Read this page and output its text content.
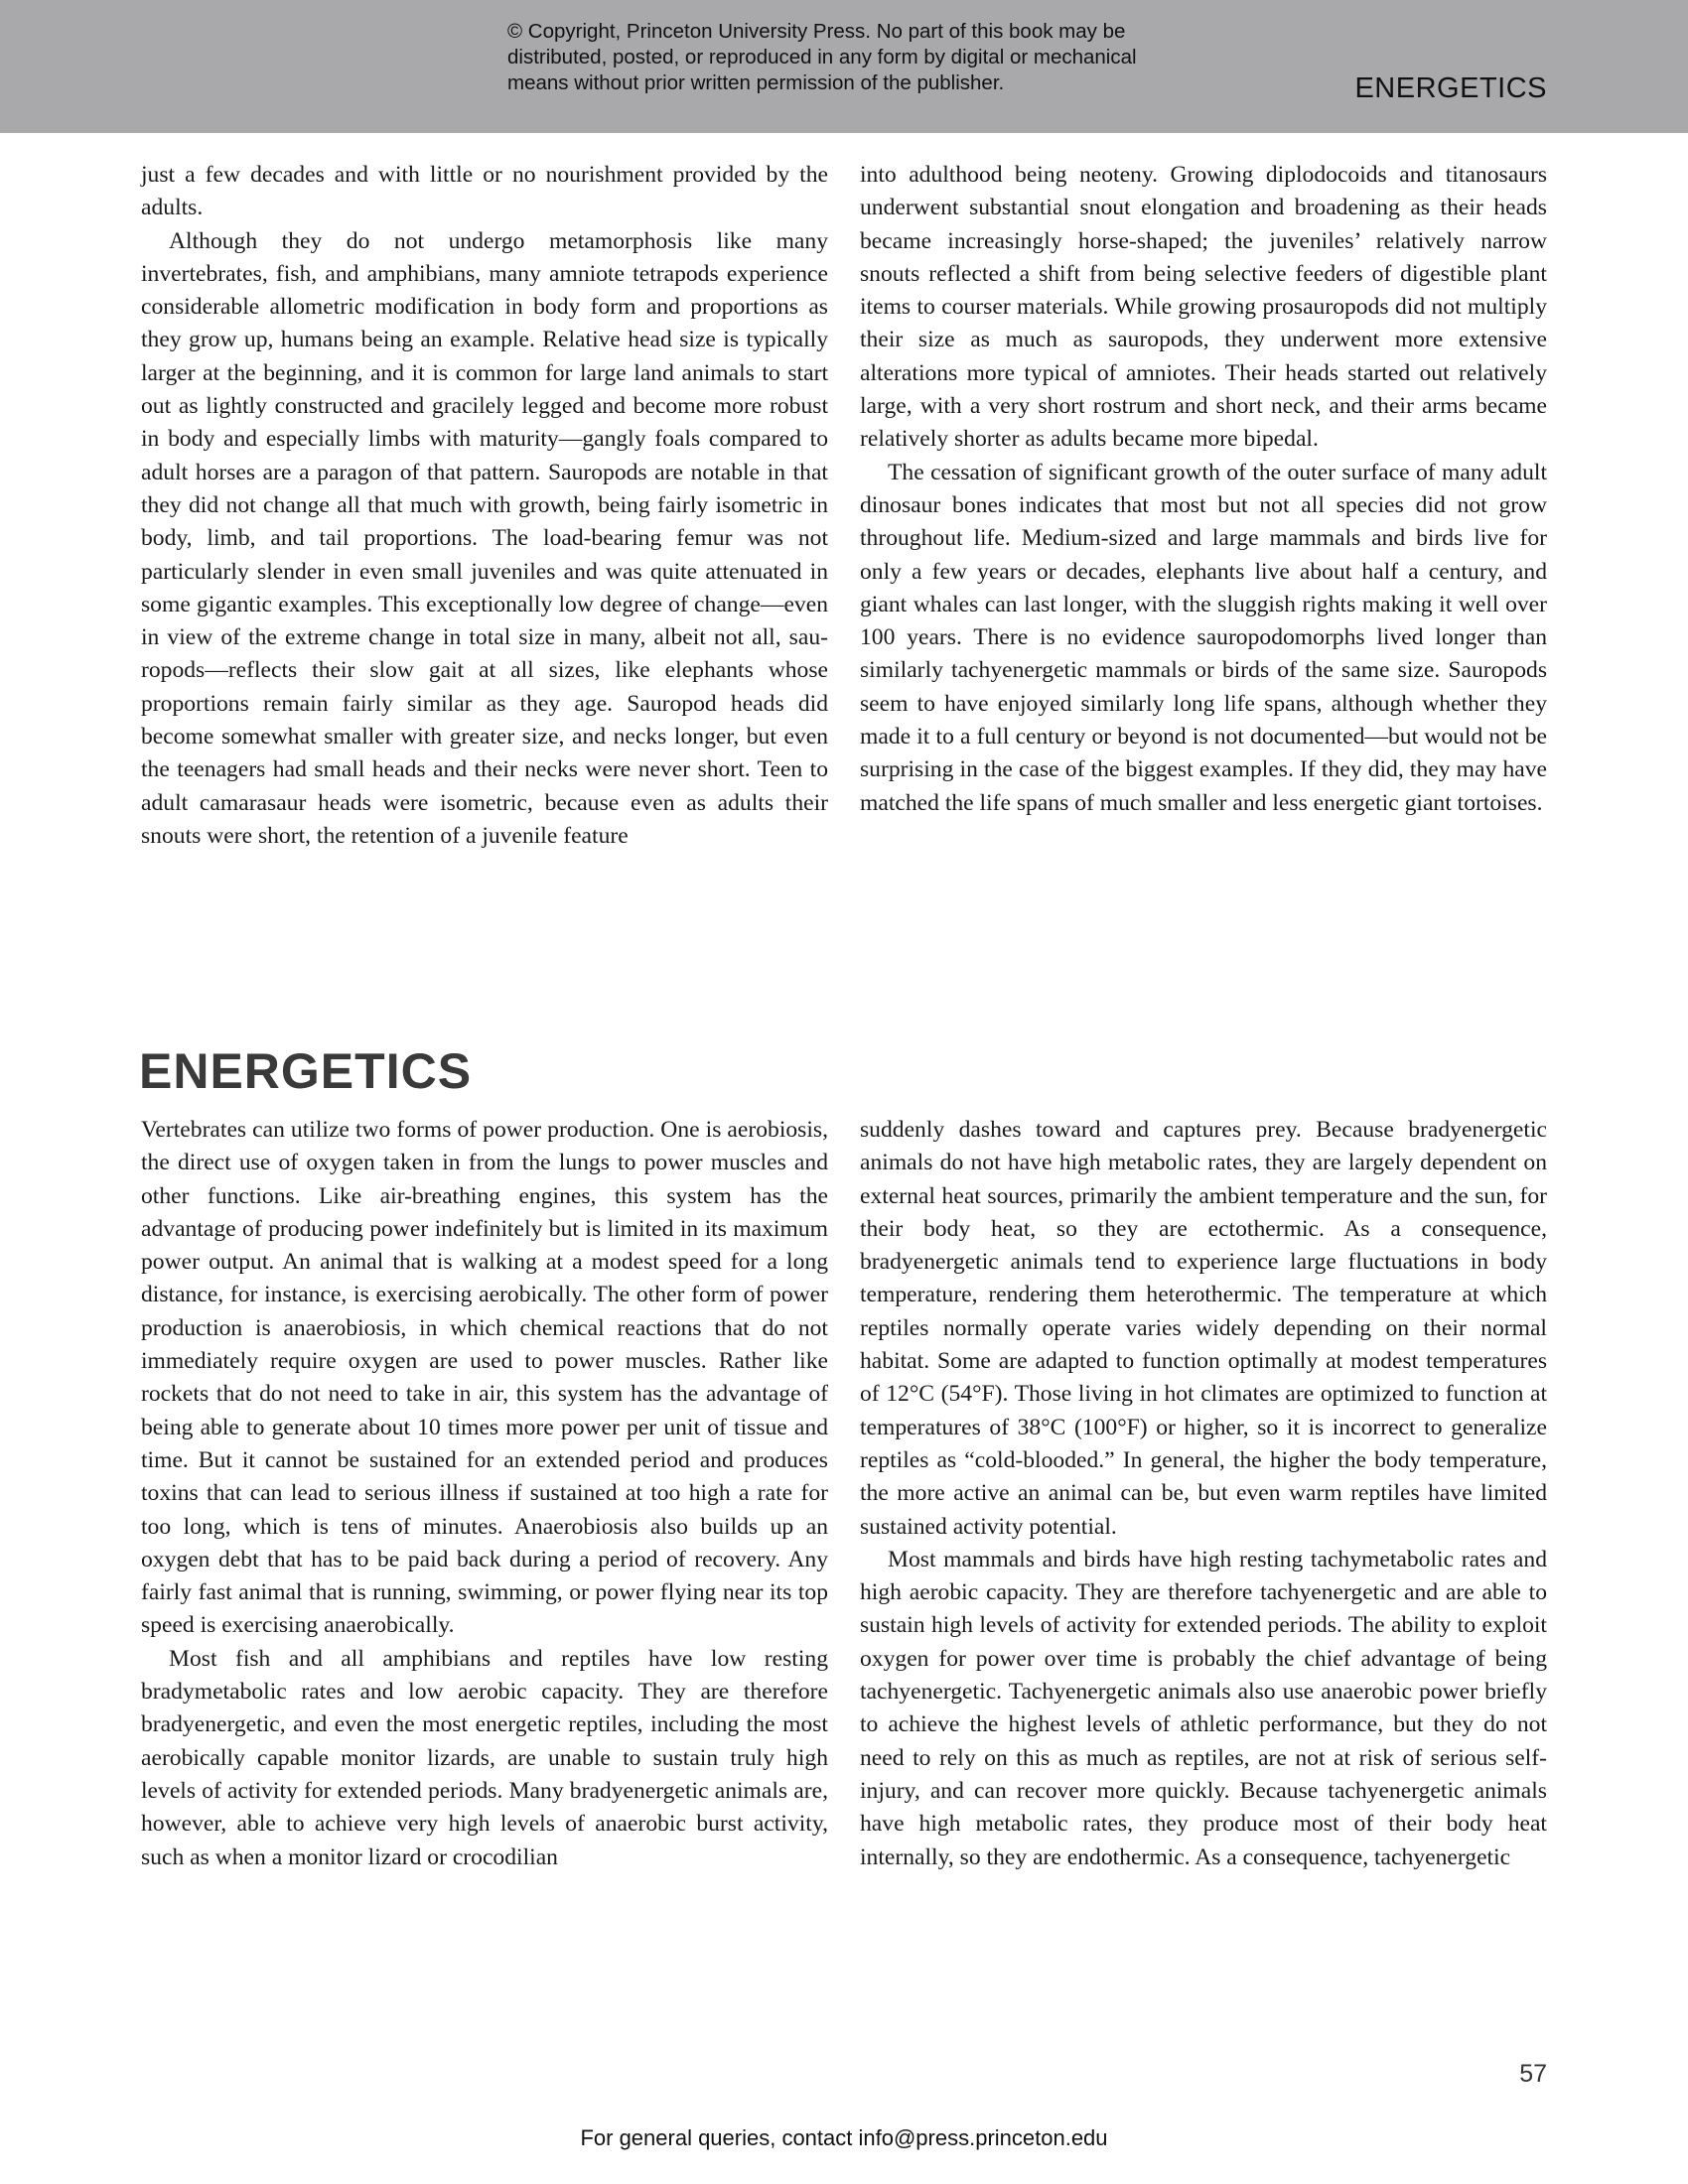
© Copyright, Princeton University Press. No part of this book may be
distributed, posted, or reproduced in any form by digital or mechanical
means without prior written permission of the publisher.	ENERGETICS

just a few decades and with little or no nourishment provided by the adults.

Although they do not undergo metamorphosis like many invertebrates, fish, and amphibians, many amniote tetrapods experience considerable allometric modification in body form and proportions as they grow up, humans being an example. Relative head size is typically larger at the beginning, and it is common for large land animals to start out as lightly constructed and gracilely legged and become more robust in body and especially limbs with maturity—gangly foals compared to adult horses are a paragon of that pattern. Sauropods are notable in that they did not change all that much with growth, being fairly isometric in body, limb, and tail proportions. The load-bearing femur was not particularly slender in even small juveniles and was quite attenuated in some gigantic examples. This exceptionally low degree of change—even in view of the extreme change in total size in many, albeit not all, sauropods—reflects their slow gait at all sizes, like elephants whose proportions remain fairly similar as they age. Sauropod heads did become somewhat smaller with greater size, and necks longer, but even the teenagers had small heads and their necks were never short. Teen to adult camarasaur heads were isometric, because even as adults their snouts were short, the retention of a juvenile feature

into adulthood being neoteny. Growing diplodocoids and titanosaurs underwent substantial snout elongation and broadening as their heads became increasingly horse-shaped; the juveniles’ relatively narrow snouts reflected a shift from being selective feeders of digestible plant items to courser materials. While growing prosauropods did not multiply their size as much as sauropods, they underwent more extensive alterations more typical of amniotes. Their heads started out relatively large, with a very short rostrum and short neck, and their arms became relatively shorter as adults became more bipedal.

The cessation of significant growth of the outer surface of many adult dinosaur bones indicates that most but not all species did not grow throughout life. Medium-sized and large mammals and birds live for only a few years or decades, elephants live about half a century, and giant whales can last longer, with the sluggish rights making it well over 100 years. There is no evidence sauropodomorphs lived longer than similarly tachyenergetic mammals or birds of the same size. Sauropods seem to have enjoyed similarly long life spans, although whether they made it to a full century or beyond is not documented—but would not be surprising in the case of the biggest examples. If they did, they may have matched the life spans of much smaller and less energetic giant tortoises.

ENERGETICS

Vertebrates can utilize two forms of power production. One is aerobiosis, the direct use of oxygen taken in from the lungs to power muscles and other functions. Like air-breathing engines, this system has the advantage of producing power indefinitely but is limited in its maximum power output. An animal that is walking at a modest speed for a long distance, for instance, is exercising aerobically. The other form of power production is anaerobiosis, in which chemical reactions that do not immediately require oxygen are used to power muscles. Rather like rockets that do not need to take in air, this system has the advantage of being able to generate about 10 times more power per unit of tissue and time. But it cannot be sustained for an extended period and produces toxins that can lead to serious illness if sustained at too high a rate for too long, which is tens of minutes. Anaerobiosis also builds up an oxygen debt that has to be paid back during a period of recovery. Any fairly fast animal that is running, swimming, or power flying near its top speed is exercising anaerobically.

Most fish and all amphibians and reptiles have low resting bradymetabolic rates and low aerobic capacity. They are therefore bradyenergetic, and even the most energetic reptiles, including the most aerobically capable monitor lizards, are unable to sustain truly high levels of activity for extended periods. Many bradyenergetic animals are, however, able to achieve very high levels of anaerobic burst activity, such as when a monitor lizard or crocodilian

suddenly dashes toward and captures prey. Because bradyenergetic animals do not have high metabolic rates, they are largely dependent on external heat sources, primarily the ambient temperature and the sun, for their body heat, so they are ectothermic. As a consequence, bradyenergetic animals tend to experience large fluctuations in body temperature, rendering them heterothermic. The temperature at which reptiles normally operate varies widely depending on their normal habitat. Some are adapted to function optimally at modest temperatures of 12°C (54°F). Those living in hot climates are optimized to function at temperatures of 38°C (100°F) or higher, so it is incorrect to generalize reptiles as “cold-blooded.” In general, the higher the body temperature, the more active an animal can be, but even warm reptiles have limited sustained activity potential.

Most mammals and birds have high resting tachymetabolic rates and high aerobic capacity. They are therefore tachyenergetic and are able to sustain high levels of activity for extended periods. The ability to exploit oxygen for power over time is probably the chief advantage of being tachyenergetic. Tachyenergetic animals also use anaerobic power briefly to achieve the highest levels of athletic performance, but they do not need to rely on this as much as reptiles, are not at risk of serious self-injury, and can recover more quickly. Because tachyenergetic animals have high metabolic rates, they produce most of their body heat internally, so they are endothermic. As a consequence, tachyenergetic

57
For general queries, contact info@press.princeton.edu
